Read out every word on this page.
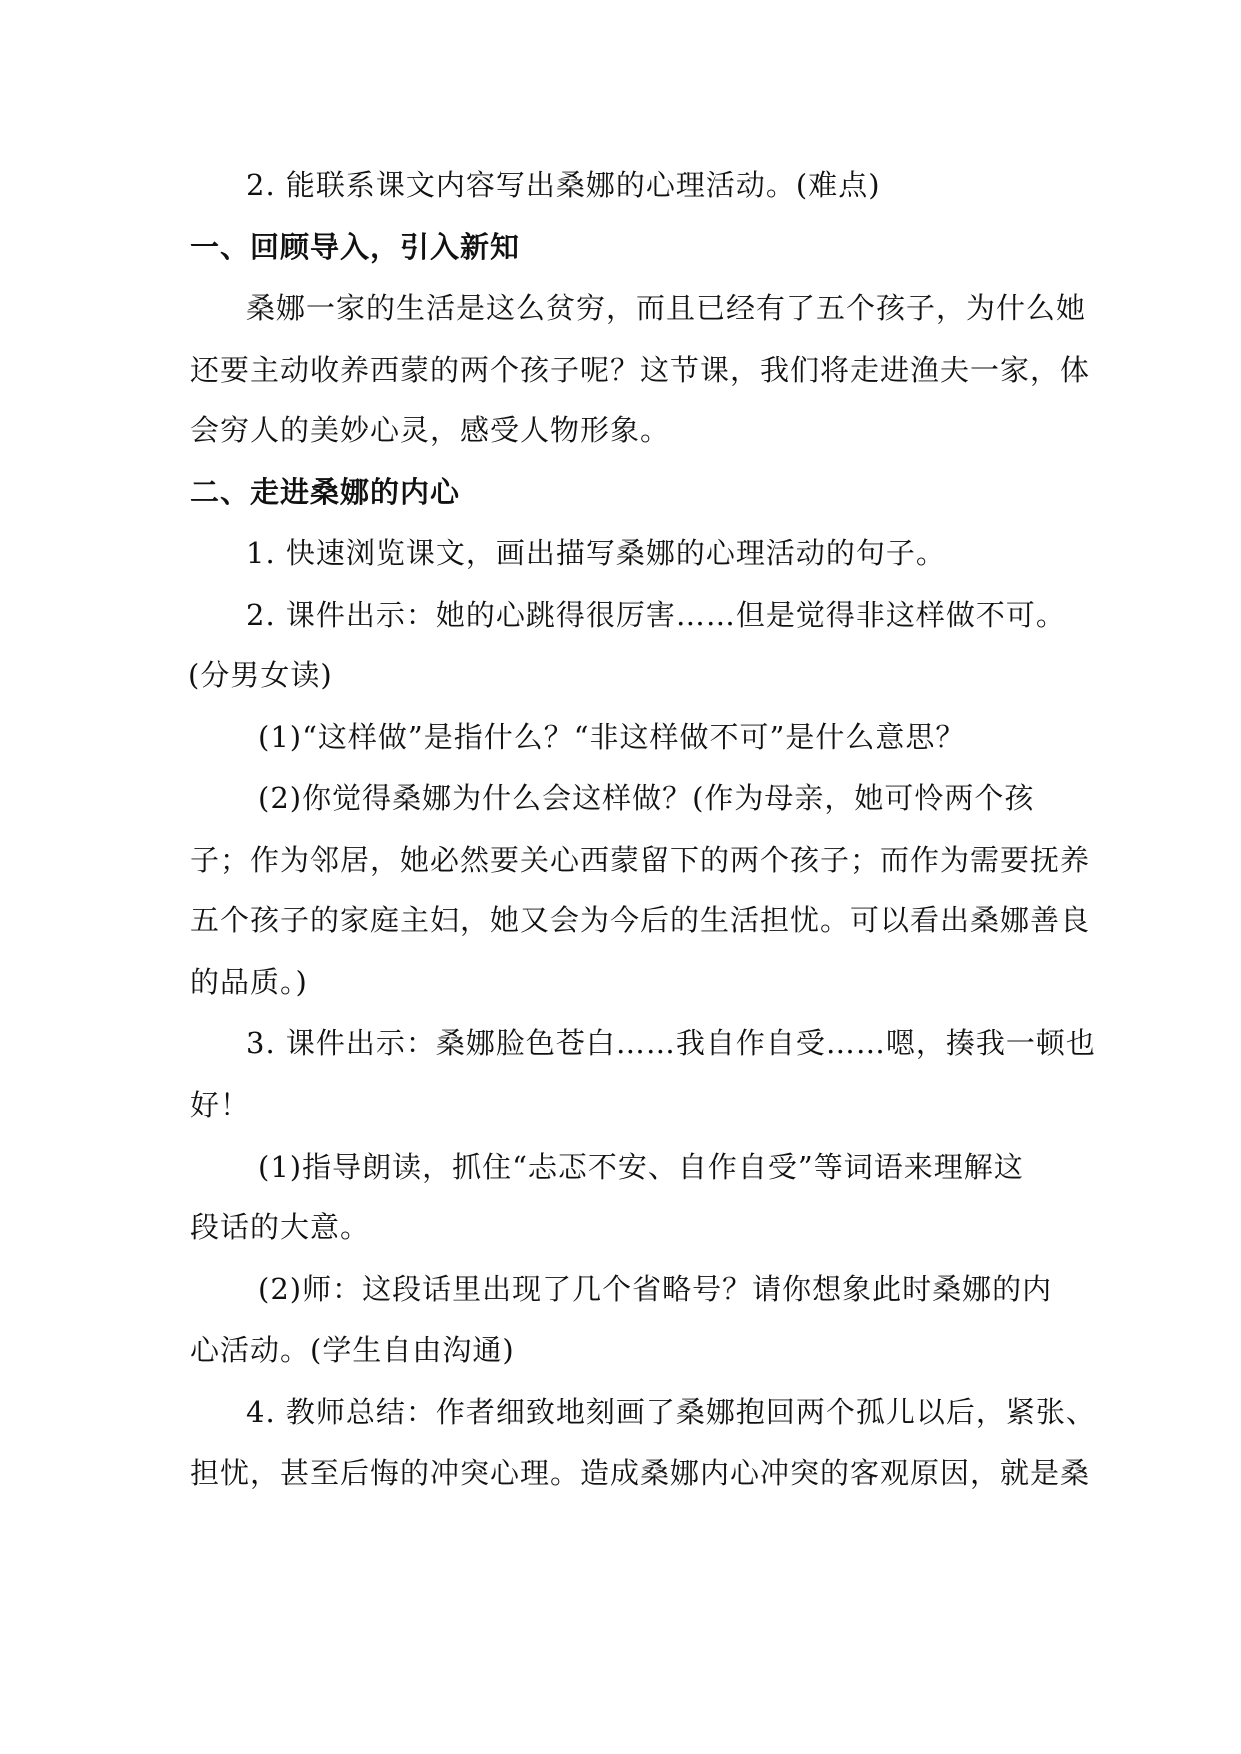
2. 能联系课文内容写出桑娜的心理活动。(难点)
一、回顾导入，引入新知
桑娜一家的生活是这么贫穷，而且已经有了五个孩子，为什么她
还要主动收养西蒙的两个孩子呢？这节课，我们将走进渔夫一家，体
会穷人的美妙心灵，感受人物形象。
二、走进桑娜的内心
1. 快速浏览课文，画出描写桑娜的心理活动的句子。
2. 课件出示：她的心跳得很厉害……但是觉得非这样做不可。
(分男女读)
(1)“这样做”是指什么？“非这样做不可”是什么意思？
(2)你觉得桑娜为什么会这样做？(作为母亲，她可怜两个孩
子；作为邻居，她必然要关心西蒙留下的两个孩子；而作为需要抚养
五个孩子的家庭主妇，她又会为今后的生活担忧。可以看出桑娜善良
的品质。)
3. 课件出示：桑娜脸色苍白……我自作自受……嗯，揍我一顿也
好！
(1)指导朗读，抓住“忐忑不安、自作自受”等词语来理解这
段话的大意。
(2)师：这段话里出现了几个省略号？请你想象此时桑娜的内
心活动。(学生自由沟通)
4. 教师总结：作者细致地刻画了桑娜抱回两个孤儿以后，紧张、
担忧，甚至后悔的冲突心理。造成桑娜内心冲突的客观原因，就是桑
